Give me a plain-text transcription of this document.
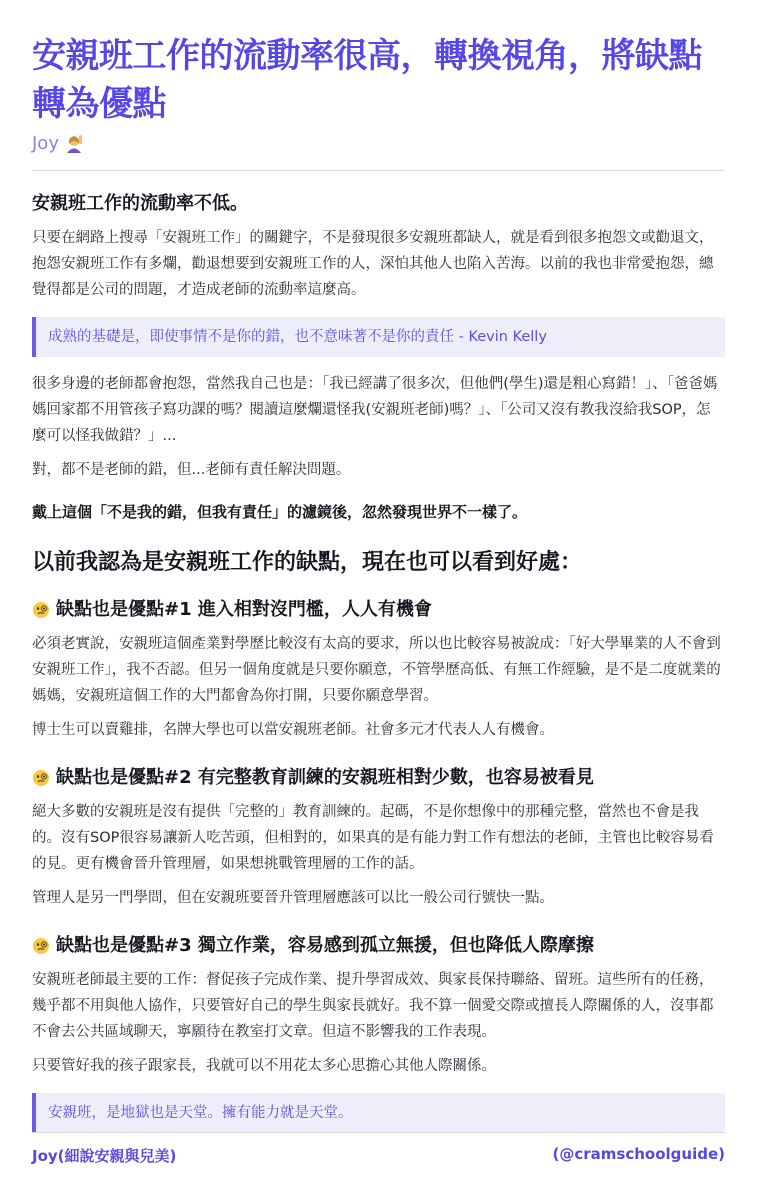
安親班工作的流動率很高，轉換視角，將缺點轉為優點
Joy
安親班工作的流動率不低。

只要在網路上搜尋「安親班工作」的關鍵字，不是發現很多安親班都缺人，就是看到很多抱怨文或勸退文，抱怨安親班工作有多爛，勸退想要到安親班工作的人，深怕其他人也陷入苦海。以前的我也非常愛抱怨，總覺得都是公司的問題，才造成老師的流動率這麼高。

成熟的基礎是，即使事情不是你的錯，也不意味著不是你的責任 - Kevin Kelly

很多身邊的老師都會抱怨，當然我自己也是：「我已經講了很多次，但他們(學生)還是粗心寫錯！」、「爸爸媽媽回家都不用管孩子寫功課的嗎？閱讀這麼爛還怪我(安親班老師)嗎？」、「公司又沒有教我沒給我SOP，怎麼可以怪我做錯？」...

對，都不是老師的錯，但...老師有責任解決問題。

戴上這個「不是我的錯，但我有責任」的濾鏡後，忽然發現世界不一樣了。

以前我認為是安親班工作的缺點，現在也可以看到好處：
缺點也是優點#1 進入相對沒門檻，人人有機會

必須老實說，安親班這個產業對學歷比較沒有太高的要求，所以也比較容易被說成：「好大學畢業的人不會到安親班工作」，我不否認。但另一個角度就是只要你願意，不管學歷高低、有無工作經驗，是不是二度就業的媽媽，安親班這個工作的大門都會為你打開，只要你願意學習。

博士生可以賣雞排，名牌大學也可以當安親班老師。社會多元才代表人人有機會。

缺點也是優點#2 有完整教育訓練的安親班相對少數，也容易被看見

絕大多數的安親班是沒有提供「完整的」教育訓練的。起碼，不是你想像中的那種完整，當然也不會是我的。沒有SOP很容易讓新人吃苦頭，但相對的，如果真的是有能力對工作有想法的老師，主管也比較容易看的見。更有機會晉升管理層，如果想挑戰管理層的工作的話。

管理人是另一門學問，但在安親班要晉升管理層應該可以比一般公司行號快一點。

缺點也是優點#3 獨立作業，容易感到孤立無援，但也降低人際摩擦

安親班老師最主要的工作：督促孩子完成作業、提升學習成效、與家長保持聯絡、留班。這些所有的任務，幾乎都不用與他人協作，只要管好自己的學生與家長就好。我不算一個愛交際或擅長人際關係的人，沒事都不會去公共區域聊天，寧願待在教室打文章。但這不影響我的工作表現。

只要管好我的孩子跟家長，我就可以不用花太多心思擔心其他人際關係。

安親班，是地獄也是天堂。擁有能力就是天堂。
Joy(細說安親與兒美)	(@cramschoolguide)
